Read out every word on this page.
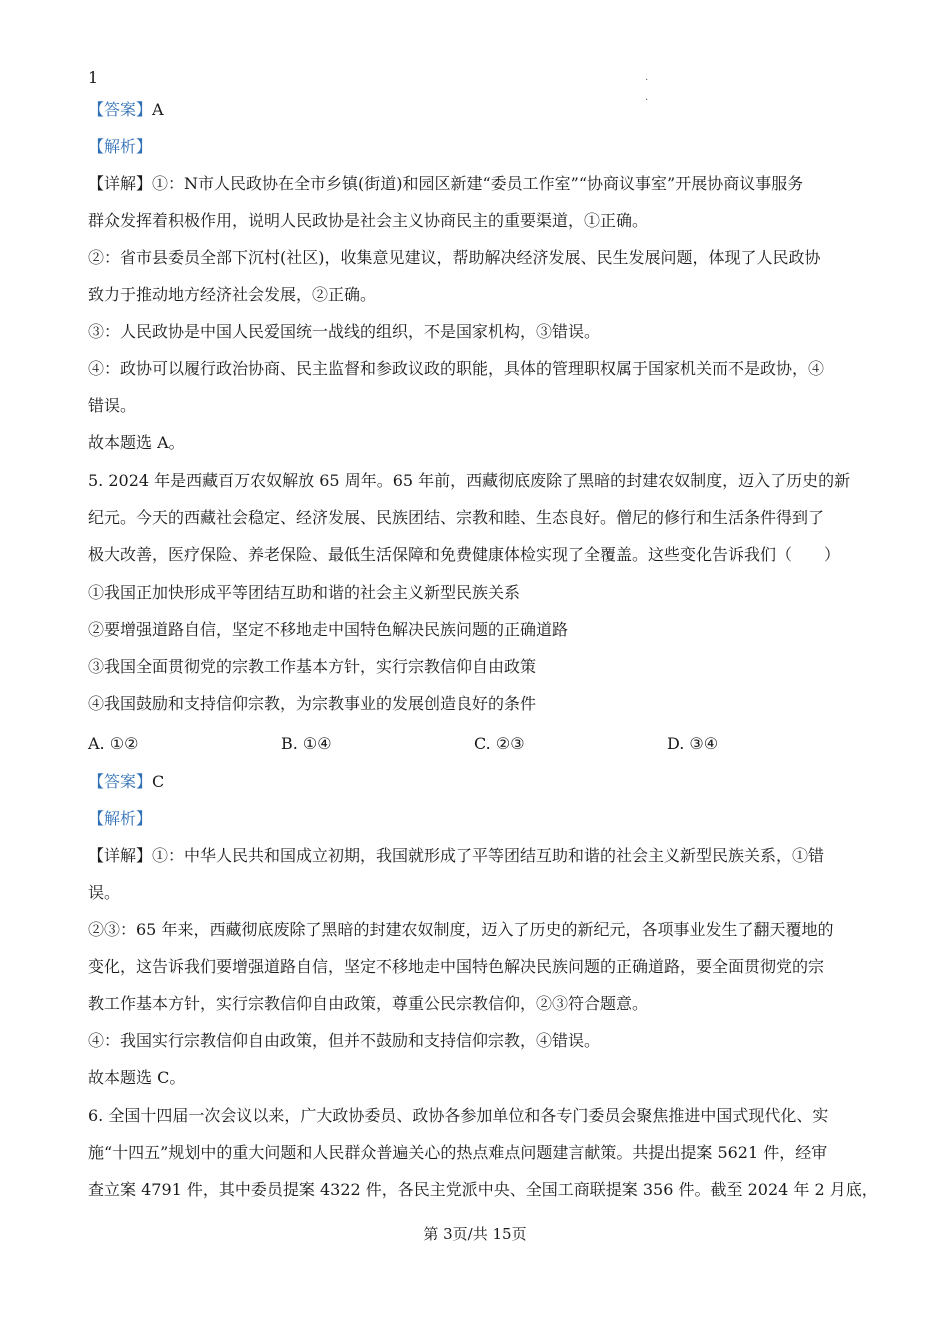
1	.
.
【答案】A
【解析】
【详解】①：N市人民政协在全市乡镇(街道)和园区新建“委员工作室”“协商议事室”开展协商议事服务
群众发挥着积极作用，说明人民政协是社会主义协商民主的重要渠道，①正确。
②：省市县委员全部下沉村(社区)，收集意见建议，帮助解决经济发展、民生发展问题，体现了人民政协
致力于推动地方经济社会发展，②正确。
③：人民政协是中国人民爱国统一战线的组织，不是国家机构，③错误。
④：政协可以履行政治协商、民主监督和参政议政的职能，具体的管理职权属于国家机关而不是政协，④
错误。
故本题选 A。
5. 2024 年是西藏百万农奴解放 65 周年。65 年前，西藏彻底废除了黑暗的封建农奴制度，迈入了历史的新
纪元。今天的西藏社会稳定、经济发展、民族团结、宗教和睦、生态良好。僧尼的修行和生活条件得到了
极大改善，医疗保险、养老保险、最低生活保障和免费健康体检实现了全覆盖。这些变化告诉我们（　　）
①我国正加快形成平等团结互助和谐的社会主义新型民族关系
②要增强道路自信，坚定不移地走中国特色解决民族问题的正确道路
③我国全面贯彻党的宗教工作基本方针，实行宗教信仰自由政策
④我国鼓励和支持信仰宗教，为宗教事业的发展创造良好的条件
A. ①②	B. ①④	C. ②③	D. ③④
【答案】C
【解析】
【详解】①：中华人民共和国成立初期，我国就形成了平等团结互助和谐的社会主义新型民族关系，①错
误。
②③：65 年来，西藏彻底废除了黑暗的封建农奴制度，迈入了历史的新纪元，各项事业发生了翻天覆地的
变化，这告诉我们要增强道路自信，坚定不移地走中国特色解决民族问题的正确道路，要全面贯彻党的宗
教工作基本方针，实行宗教信仰自由政策，尊重公民宗教信仰，②③符合题意。
④：我国实行宗教信仰自由政策，但并不鼓励和支持信仰宗教，④错误。
故本题选 C。
6. 全国十四届一次会议以来，广大政协委员、政协各参加单位和各专门委员会聚焦推进中国式现代化、实
施“十四五”规划中的重大问题和人民群众普遍关心的热点难点问题建言献策。共提出提案 5621 件，经审
查立案 4791 件，其中委员提案 4322 件，各民主党派中央、全国工商联提案 356 件。截至 2024 年 2 月底，
第 3页/共 15页
